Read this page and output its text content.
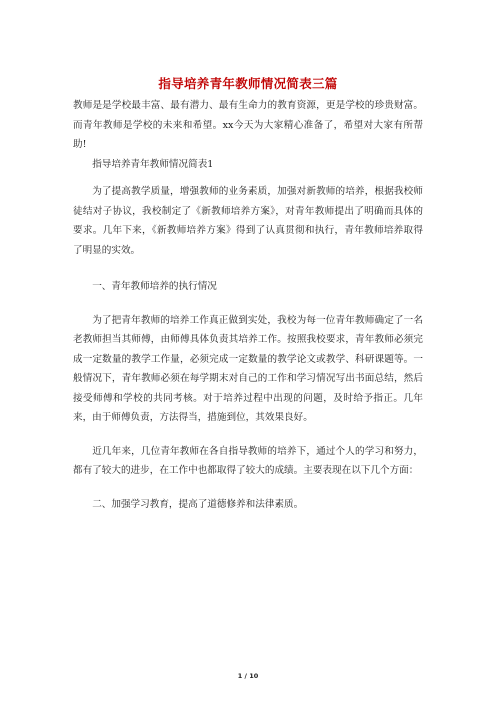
指导培养青年教师情况简表三篇

教师是是学校最丰富、最有潜力、最有生命力的教育资源，更是学校的珍贵财富。而青年教师是学校的未来和希望。xx今天为大家精心准备了，希望对大家有所帮助!

指导培养青年教师情况简表1

为了提高教学质量，增强教师的业务素质，加强对新教师的培养，根据我校师徒结对子协议，我校制定了《新教师培养方案》，对青年教师提出了明确而具体的要求。几年下来，《新教师培养方案》得到了认真贯彻和执行，青年教师培养取得了明显的实效。

一、青年教师培养的执行情况

为了把青年教师的培养工作真正做到实处，我校为每一位青年教师确定了一名老教师担当其师傅，由师傅具体负责其培养工作。按照我校要求，青年教师必须完成一定数量的教学工作量，必须完成一定数量的教学论文或教学、科研课题等。一般情况下，青年教师必须在每学期末对自己的工作和学习情况写出书面总结，然后接受师傅和学校的共同考核。对于培养过程中出现的问题，及时给予指正。几年来，由于师傅负责，方法得当，措施到位，其效果良好。

近几年来，几位青年教师在各自指导教师的培养下，通过个人的学习和努力，都有了较大的进步，在工作中也都取得了较大的成绩。主要表现在以下几个方面：

二、加强学习教育，提高了道德修养和法律素质。

1 / 10
